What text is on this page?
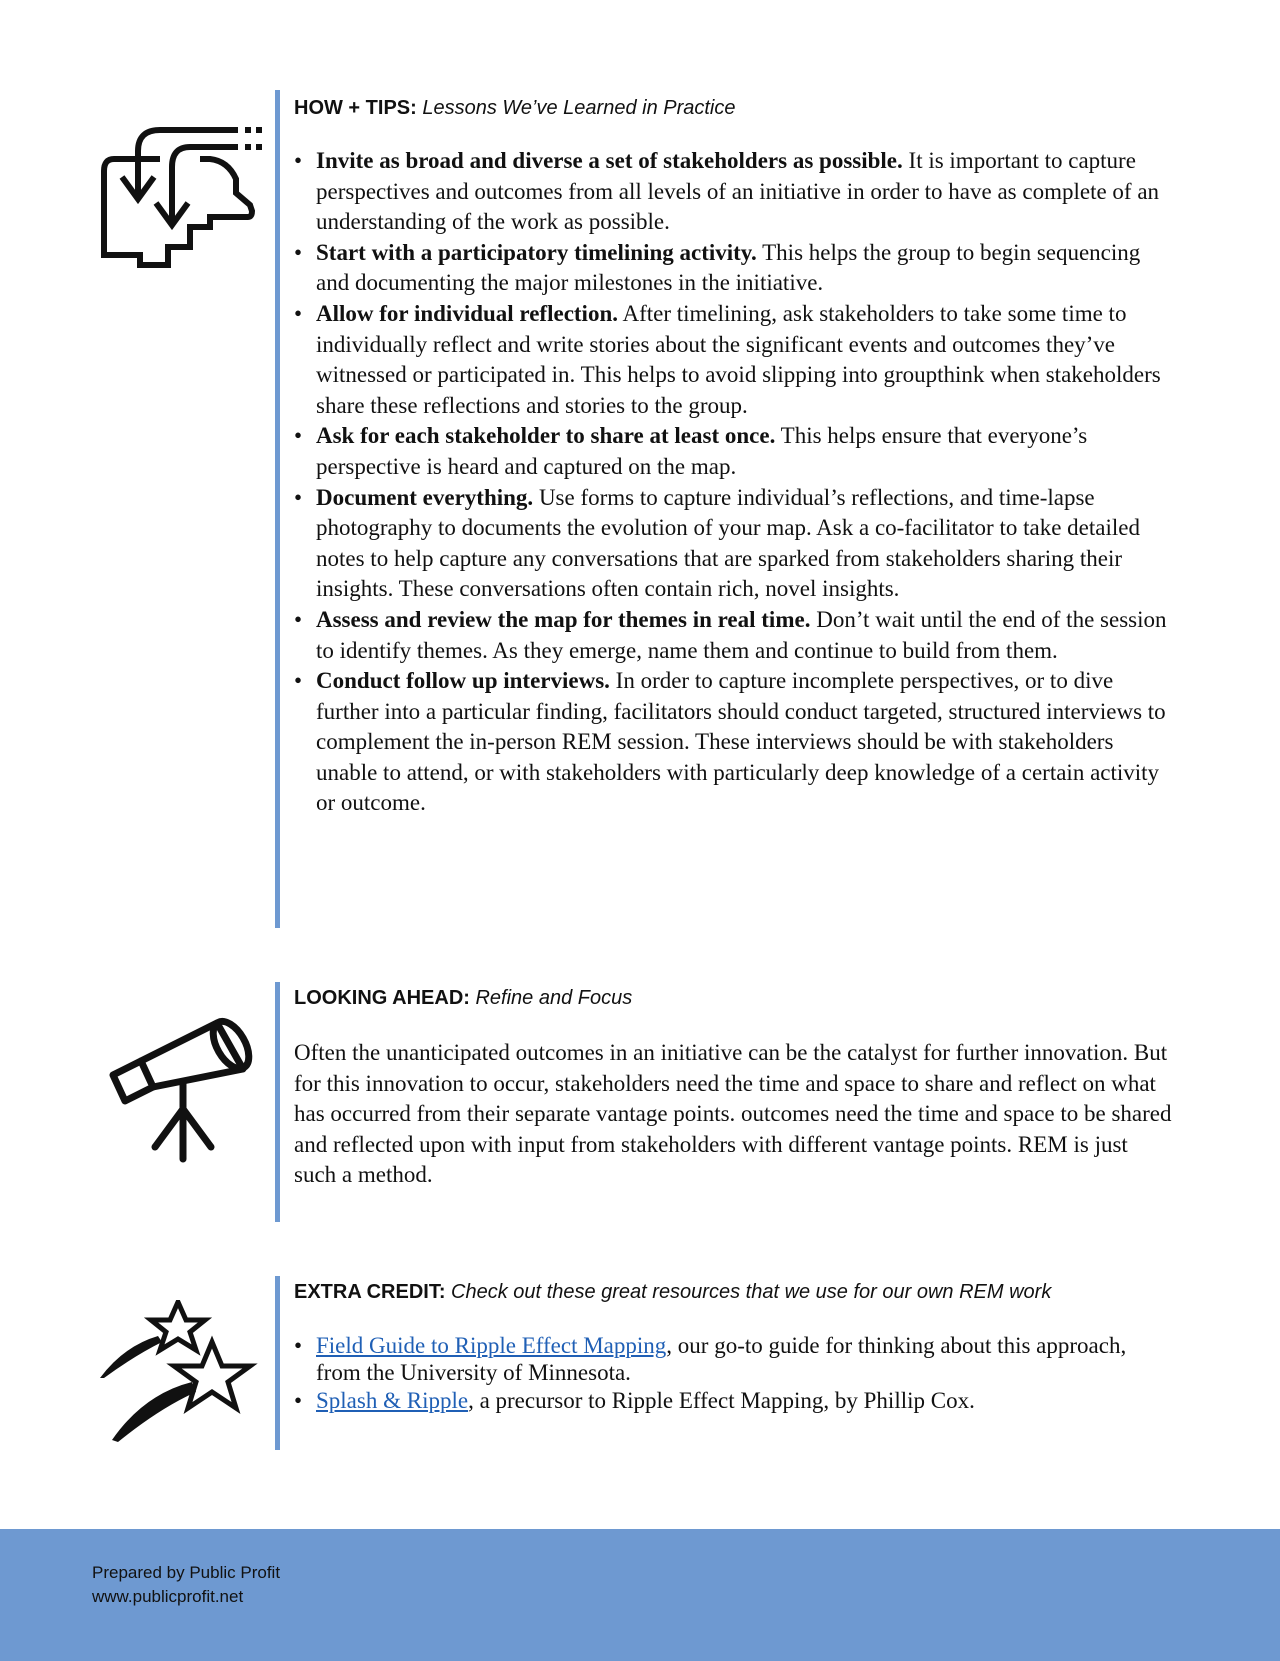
HOW + TIPS: Lessons We’ve Learned in Practice

• Invite as broad and diverse a set of stakeholders as possible. It is important to capture perspectives and outcomes from all levels of an initiative in order to have as complete of an understanding of the work as possible.
• Start with a participatory timelining activity. This helps the group to begin sequencing and documenting the major milestones in the initiative.
• Allow for individual reflection. After timelining, ask stakeholders to take some time to individually reflect and write stories about the significant events and outcomes they’ve witnessed or participated in. This helps to avoid slipping into groupthink when stakeholders share these reflections and stories to the group.
• Ask for each stakeholder to share at least once. This helps ensure that everyone’s perspective is heard and captured on the map.
• Document everything. Use forms to capture individual’s reflections, and time-lapse photography to documents the evolution of your map. Ask a co-facilitator to take detailed notes to help capture any conversations that are sparked from stakeholders sharing their insights. These conversations often contain rich, novel insights.
• Assess and review the map for themes in real time. Don’t wait until the end of the session to identify themes. As they emerge, name them and continue to build from them.
• Conduct follow up interviews. In order to capture incomplete perspectives, or to dive further into a particular finding, facilitators should conduct targeted, structured interviews to complement the in-person REM session. These interviews should be with stakeholders unable to attend, or with stakeholders with particularly deep knowledge of a certain activity or outcome.

LOOKING AHEAD: Refine and Focus

Often the unanticipated outcomes in an initiative can be the catalyst for further innovation. But for this innovation to occur, stakeholders need the time and space to share and reflect on what has occurred from their separate vantage points. outcomes need the time and space to be shared and reflected upon with input from stakeholders with different vantage points. REM is just such a method.

EXTRA CREDIT: Check out these great resources that we use for our own REM work

• Field Guide to Ripple Effect Mapping, our go-to guide for thinking about this approach, from the University of Minnesota.
• Splash & Ripple, a precursor to Ripple Effect Mapping, by Phillip Cox.
Prepared by Public Profit
www.publicprofit.net
